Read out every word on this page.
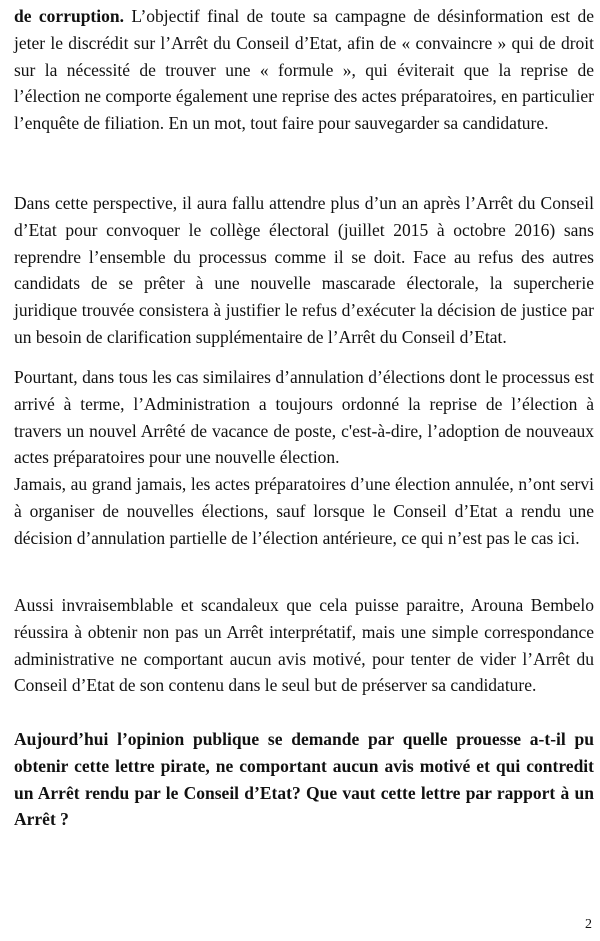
de corruption. L’objectif final de toute sa campagne de désinformation est de jeter le discrédit sur l’Arrêt du Conseil d’Etat, afin de « convaincre » qui de droit sur la nécessité de trouver une « formule », qui éviterait que la reprise de l’élection ne comporte également une reprise des actes préparatoires, en particulier l’enquête de filiation. En un mot, tout faire pour sauvegarder sa candidature.

Dans cette perspective, il aura fallu attendre plus d’un an après l’Arrêt du Conseil d’Etat pour convoquer le collège électoral (juillet 2015 à octobre 2016) sans reprendre l’ensemble du processus comme il se doit. Face au refus des autres candidats de se prêter à une nouvelle mascarade électorale, la supercherie juridique trouvée consistera à justifier le refus d’exécuter la décision de justice par un besoin de clarification supplémentaire de l’Arrêt du Conseil d’Etat.

Pourtant, dans tous les cas similaires d’annulation d’élections dont le processus est arrivé à terme, l’Administration a toujours ordonné la reprise de l’élection à travers un nouvel Arrêté de vacance de poste, c'est-à-dire, l’adoption de nouveaux actes préparatoires pour une nouvelle élection.

Jamais, au grand jamais, les actes préparatoires d’une élection annulée, n’ont servi à organiser de nouvelles élections, sauf lorsque le Conseil d’Etat a rendu une décision d’annulation partielle de l’élection antérieure, ce qui n’est pas le cas ici.

Aussi invraisemblable et scandaleux que cela puisse paraitre, Arouna Bembelo réussira à obtenir non pas un Arrêt interprétatif, mais une simple correspondance administrative ne comportant aucun avis motivé, pour tenter de vider l’Arrêt du Conseil d’Etat de son contenu dans le seul but de préserver sa candidature.

Aujourd’hui l’opinion publique se demande par quelle prouesse a-t-il pu obtenir cette lettre pirate, ne comportant aucun avis motivé et qui contredit un Arrêt rendu par le Conseil d’Etat? Que vaut cette lettre par rapport à un Arrêt ?

2
